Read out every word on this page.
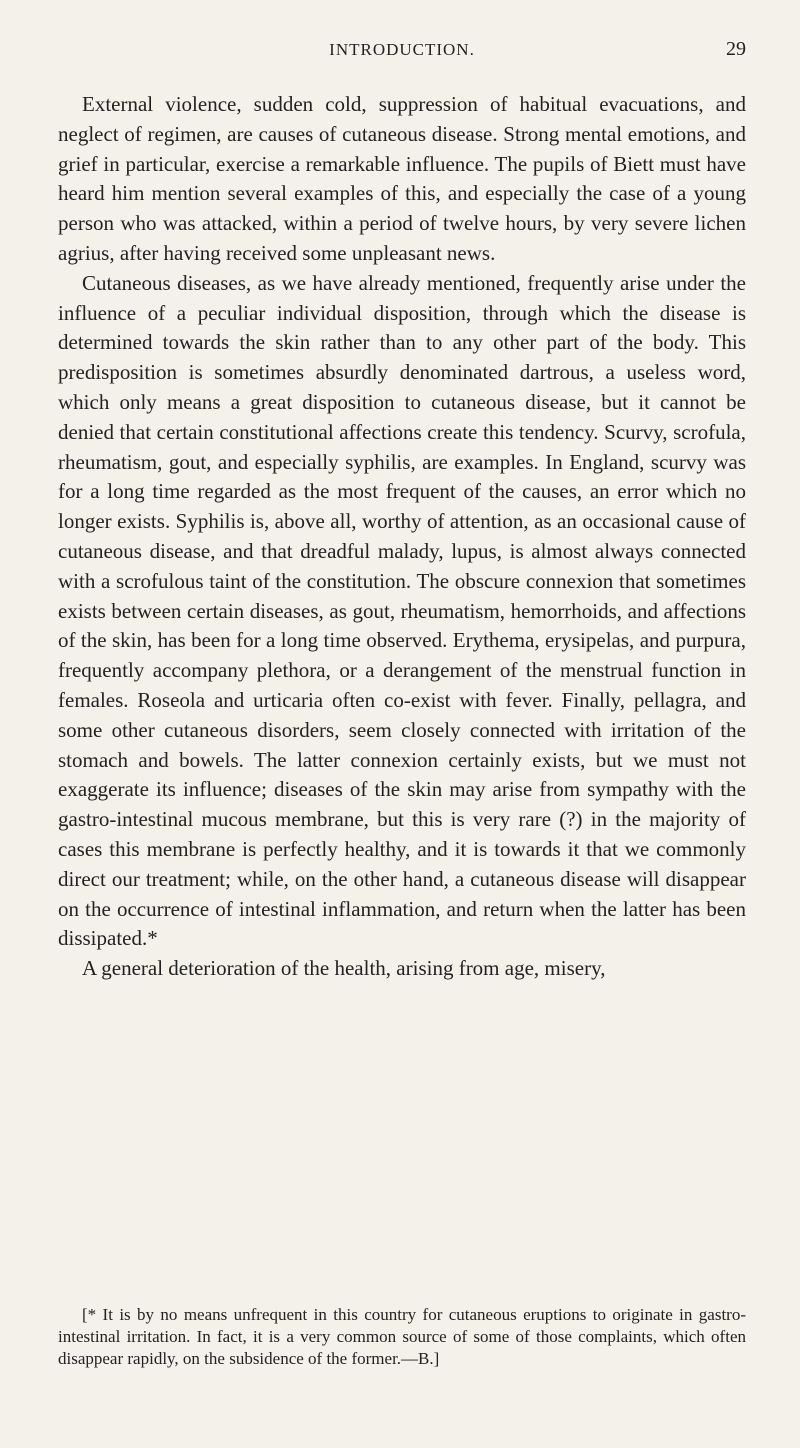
INTRODUCTION.	29

External violence, sudden cold, suppression of habitual evacuations, and neglect of regimen, are causes of cutaneous disease. Strong mental emotions, and grief in particular, exercise a remarkable influence. The pupils of Biett must have heard him mention several examples of this, and especially the case of a young person who was attacked, within a period of twelve hours, by very severe lichen agrius, after having received some unpleasant news.

Cutaneous diseases, as we have already mentioned, frequently arise under the influence of a peculiar individual disposition, through which the disease is determined towards the skin rather than to any other part of the body. This predisposition is sometimes absurdly denominated dartrous, a useless word, which only means a great disposition to cutaneous disease, but it cannot be denied that certain constitutional affections create this tendency. Scurvy, scrofula, rheumatism, gout, and especially syphilis, are examples. In England, scurvy was for a long time regarded as the most frequent of the causes, an error which no longer exists. Syphilis is, above all, worthy of attention, as an occasional cause of cutaneous disease, and that dreadful malady, lupus, is almost always connected with a scrofulous taint of the constitution. The obscure connexion that sometimes exists between certain diseases, as gout, rheumatism, hemorrhoids, and affections of the skin, has been for a long time observed. Erythema, erysipelas, and purpura, frequently accompany plethora, or a derangement of the menstrual function in females. Roseola and urticaria often co-exist with fever. Finally, pellagra, and some other cutaneous disorders, seem closely connected with irritation of the stomach and bowels. The latter connexion certainly exists, but we must not exaggerate its influence; diseases of the skin may arise from sympathy with the gastro-intestinal mucous membrane, but this is very rare (?) in the majority of cases this membrane is perfectly healthy, and it is towards it that we commonly direct our treatment; while, on the other hand, a cutaneous disease will disappear on the occurrence of intestinal inflammation, and return when the latter has been dissipated.*

A general deterioration of the health, arising from age, misery,

[* It is by no means unfrequent in this country for cutaneous eruptions to originate in gastro-intestinal irritation. In fact, it is a very common source of some of those complaints, which often disappear rapidly, on the subsidence of the former.—B.]
